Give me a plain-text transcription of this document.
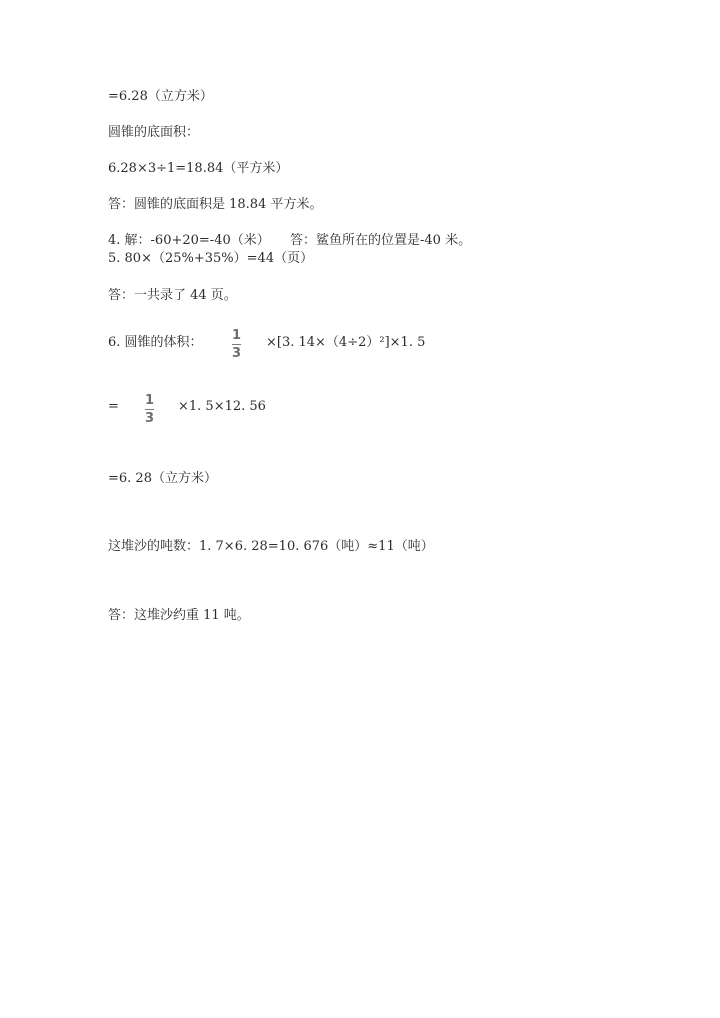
=6.28（立方米）
圆锥的底面积：
6.28×3÷1=18.84（平方米）
答：圆锥的底面积是 18.84 平方米。
4. 解：-60+20=-40（米） 答：鲨鱼所在的位置是-40 米。
5. 80×（25%+35%）=44（页）
答：一共录了 44 页。
6. 圆锥的体积： 1
3
×[3. 14×（4÷2）²]×1. 5
= 1
3
×1. 5×12. 56
=6. 28（立方米）
这堆沙的吨数：1. 7×6. 28=10. 676（吨）≈11（吨）
答：这堆沙约重 11 吨。
